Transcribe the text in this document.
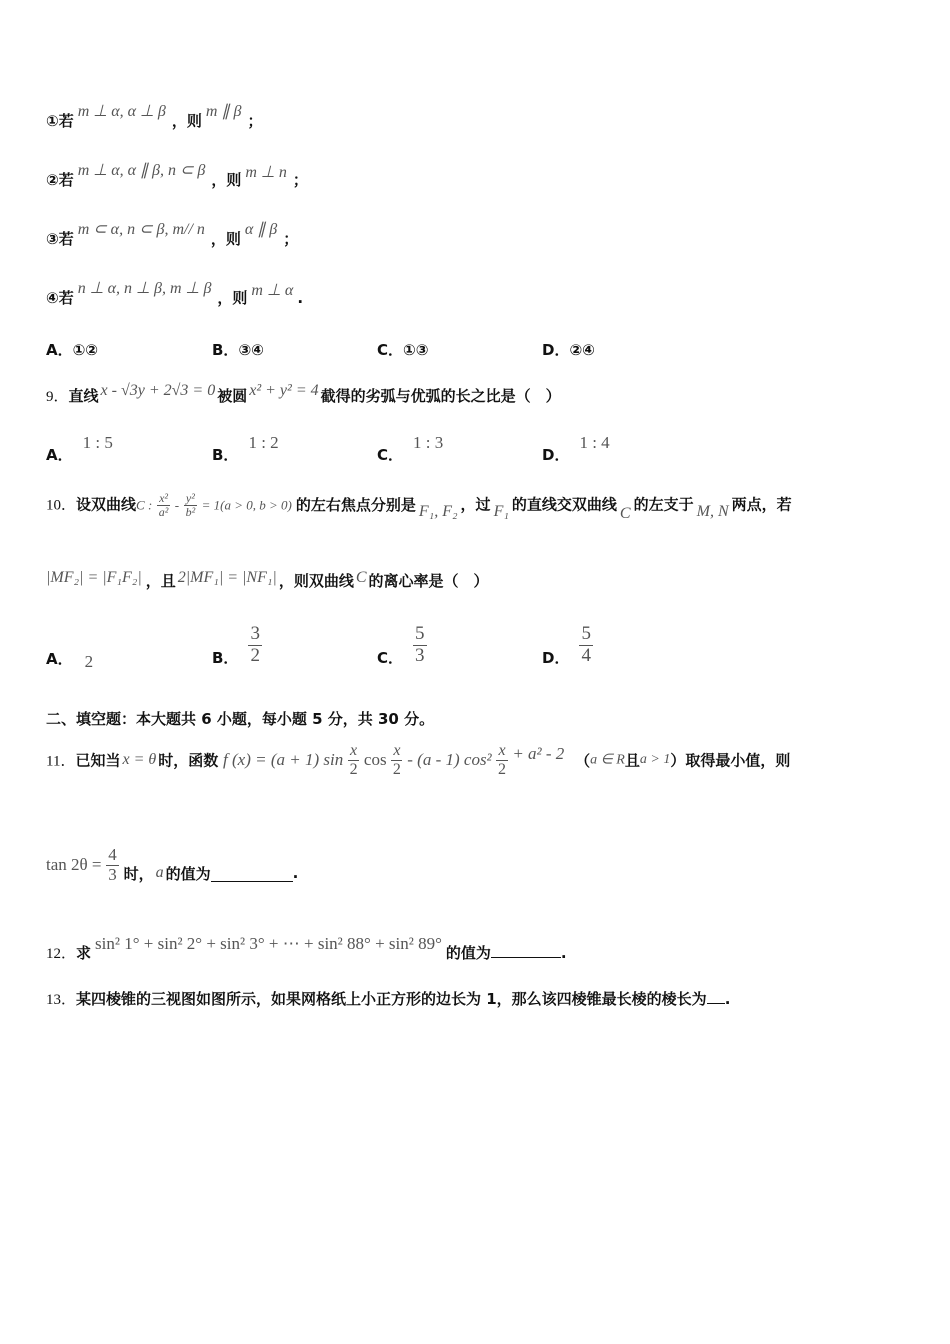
①若m ⊥ α, α ⊥ β，则m ∥ β；
②若m ⊥ α, α ∥ β, n ⊂ β，则 m ⊥ n ；
③若m ⊂ α, n ⊂ β, m// n，则α ∥ β；
④若n ⊥ α, n ⊥ β, m ⊥ β，则 m ⊥ α .
A．①②	B．③④	C．①③	D．②④
9．直线 x - √3y + 2√3 = 0 被圆 x² + y² = 4 截得的劣弧与优弧的长之比是（　）
A．1 : 5
B．1 : 2
C．1 : 3
D．1 : 4
10．设双曲线C : $\frac{\text{x²}}{\text{a²}} - \frac{\text{y²}}{\text{b²}} = 1(a > 0$, b > 0) 的左右焦点分别是 F₁, F₂ ，过 F₁ 的直线交双曲线 C 的左支于 M, N 两点，若
|MF₂| = |F₁F₂| ，且 2|MF₁| = |NF₁| ，则双曲线 C 的离心率是（　）
A． 2	B． $\frac{3}{2}$	C． $\frac{5}{3}$	D． $\frac{5}{4}$
二、填空题：本大题共 6 小题，每小题 5 分，共 30 分。
11．已知当 x = θ 时，函数 f (x) = (a + 1) $\sin \frac{x}{2}$ $\cos \frac{x}{2} - (a - 1)$ $\cos^2 \frac{x}{2} + a^2 - 2$ （a ∈ R且a > 1）取得最小值，则
$\tan 2\theta = \frac{4}{3}$ 时， a 的值为	.
12．求 sin² 1° + sin² 2° + sin² 3° + ⋯ + sin² 88° + sin² 89° 的值为	.
13．某四棱锥的三视图如图所示，如果网格纸上小正方形的边长为 1，那么该四棱锥最长棱的棱长为 .
